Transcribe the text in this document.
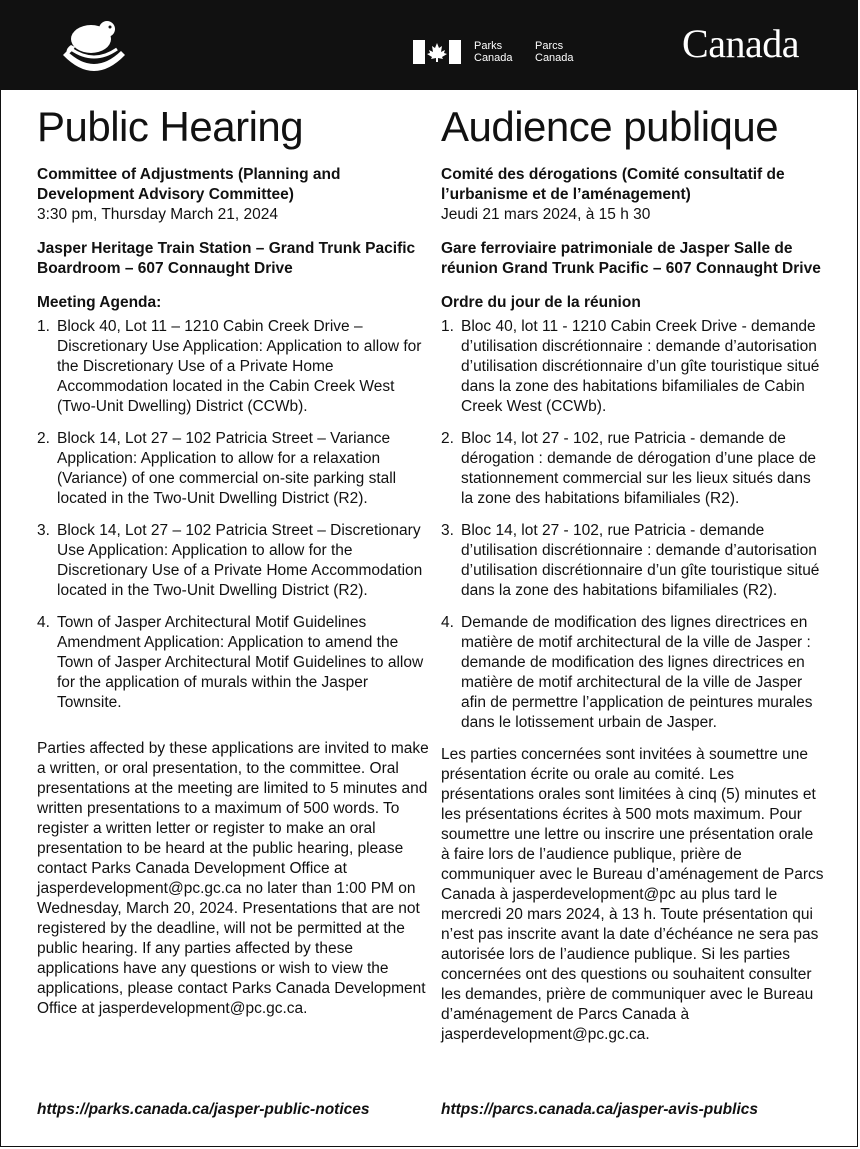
Parks
Canada
Parcs
Canada	Canada
Public Hearing

Committee of Adjustments (Planning and Development Advisory Committee)

3:30 pm, Thursday March 21, 2024

Jasper Heritage Train Station – Grand Trunk Pacific Boardroom – 607 Connaught Drive

Meeting Agenda:

1. Block 40, Lot 11 – 1210 Cabin Creek Drive – Discretionary Use Application: Application to allow for the Discretionary Use of a Private Home Accommodation located in the Cabin Creek West (Two-Unit Dwelling) District (CCWb).
2. Block 14, Lot 27 – 102 Patricia Street – Variance Application: Application to allow for a relaxation (Variance) of one commercial on-site parking stall located in the Two-Unit Dwelling District (R2).
3. Block 14, Lot 27 – 102 Patricia Street – Discretionary Use Application: Application to allow for the Discretionary Use of a Private Home Accommodation located in the Two-Unit Dwelling District (R2).
4. Town of Jasper Architectural Motif Guidelines Amendment Application: Application to amend the Town of Jasper Architectural Motif Guidelines to allow for the application of murals within the Jasper Townsite.

Parties affected by these applications are invited to make a written, or oral presentation, to the committee. Oral presentations at the meeting are limited to 5 minutes and written presentations to a maximum of 500 words. To register a written letter or register to make an oral presentation to be heard at the public hearing, please contact Parks Canada Development Office at jasperdevelopment@pc.gc.ca no later than 1:00 PM on Wednesday, March 20, 2024. Presentations that are not registered by the deadline, will not be permitted at the public hearing. If any parties affected by these applications have any questions or wish to view the applications, please contact Parks Canada Development Office at jasperdevelopment@pc.gc.ca.

Audience publique

Comité des dérogations (Comité consultatif de l’urbanisme et de l’aménagement)

Jeudi 21 mars 2024, à 15 h 30

Gare ferroviaire patrimoniale de Jasper Salle de réunion Grand Trunk Pacific – 607 Connaught Drive

Ordre du jour de la réunion

1. Bloc 40, lot 11 - 1210 Cabin Creek Drive - demande d’utilisation discrétionnaire : demande d’autorisation d’utilisation discrétionnaire d’un gîte touristique situé dans la zone des habitations bifamiliales de Cabin Creek West (CCWb).
2. Bloc 14, lot 27 - 102, rue Patricia - demande de dérogation : demande de dérogation d’une place de stationnement commercial sur les lieux situés dans la zone des habitations bifamiliales (R2).
3. Bloc 14, lot 27 - 102, rue Patricia - demande d’utilisation discrétionnaire : demande d’autorisation d’utilisation discrétionnaire d’un gîte touristique situé dans la zone des habitations bifamiliales (R2).
4. Demande de modification des lignes directrices en matière de motif architectural de la ville de Jasper : demande de modification des lignes directrices en matière de motif architectural de la ville de Jasper afin de permettre l’application de peintures murales dans le lotissement urbain de Jasper.

Les parties concernées sont invitées à soumettre une présentation écrite ou orale au comité. Les présentations orales sont limitées à cinq (5) minutes et les présentations écrites à 500 mots maximum. Pour soumettre une lettre ou inscrire une présentation orale à faire lors de l’audience publique, prière de communiquer avec le Bureau d’aménagement de Parcs Canada à jasperdevelopment@pc au plus tard le mercredi 20 mars 2024, à 13 h. Toute présentation qui n’est pas inscrite avant la date d’échéance ne sera pas autorisée lors de l’audience publique. Si les parties concernées ont des questions ou souhaitent consulter les demandes, prière de communiquer avec le Bureau d’aménagement de Parcs Canada à jasperdevelopment@pc.gc.ca.

https://parks.canada.ca/jasper-public-notices	https://parcs.canada.ca/jasper-avis-publics
